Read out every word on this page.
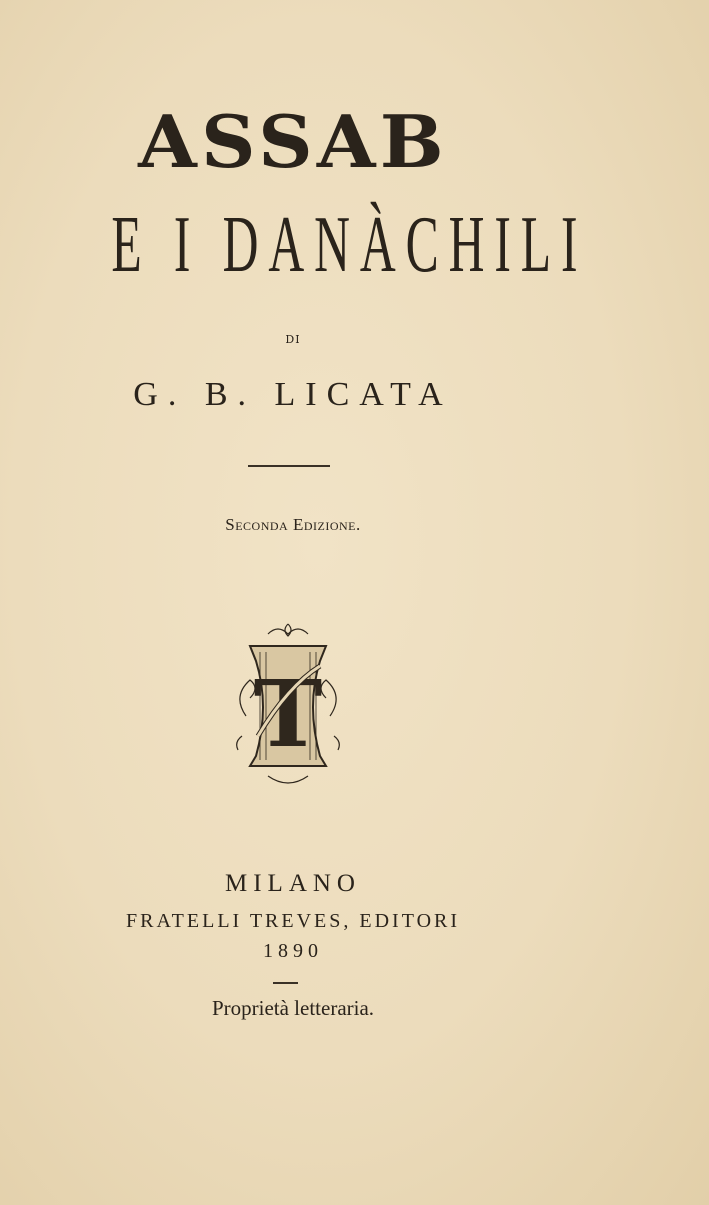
ASSAB
E I DANÀCHILI
DI
G. B. LICATA
Seconda Edizione.
T
MILANO
FRATELLI TREVES, EDITORI
1890
Proprietà letteraria.
